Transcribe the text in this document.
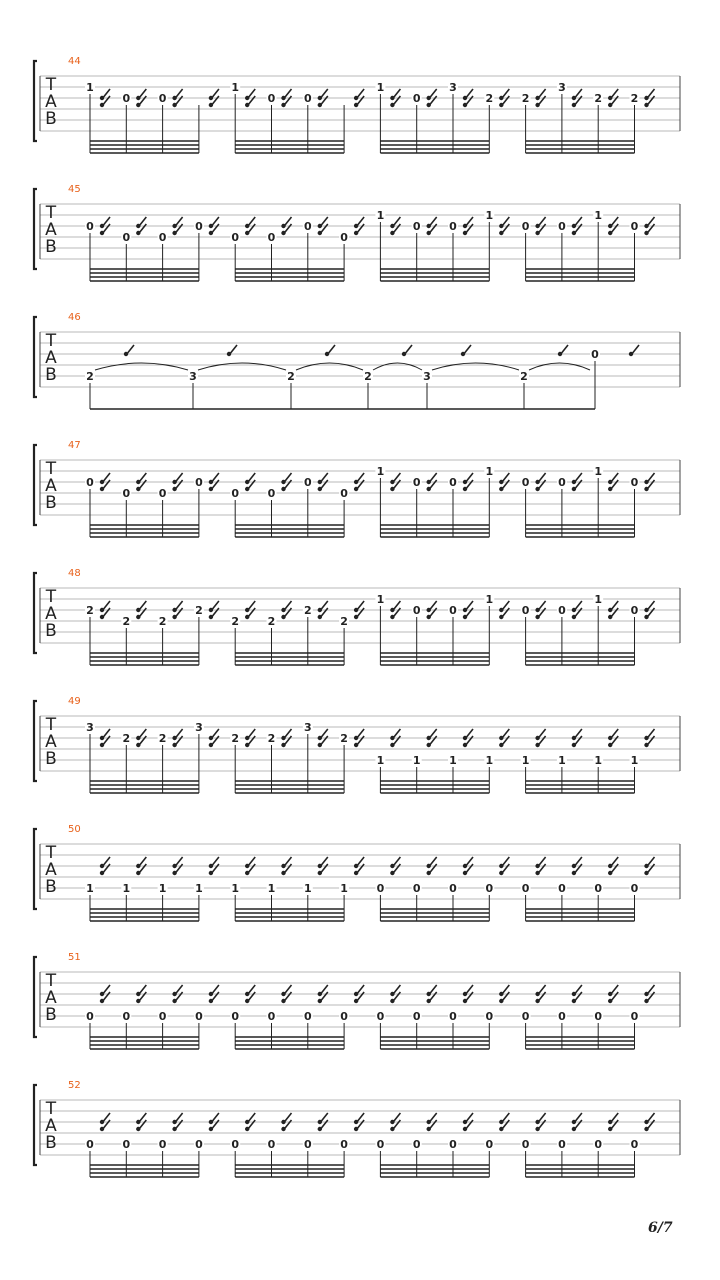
T
A
B
44
1
0	0
1
0	0
1
0
3
2	2
3
2	2
T
A
B
45
0
0	0
0
0	0
0
0
1
0	0
1
0	0
1
0
T
A
B
46
2	3	2	2	3	2
0
T
A
B
47
0
0	0
0
0	0
0
0
1
0	0
1
0	0
1
0
T
A
B
48
2
2	2
2
2	2
2
2
1
0	0
1
0	0
1
0
T
A
B
49
3
2	2
3
2	2
3
2
1	1	1	1	1	1	1	1
T
A
B
50
1	1	1	1	1	1	1	1	0	0	0	0	0	0	0	0
T
A
B
51
0	0	0	0	0	0	0	0	0	0	0	0	0	0	0	0
T
A
B
52
0	0	0	0	0	0	0	0	0	0	0	0	0	0	0	0
6/7
